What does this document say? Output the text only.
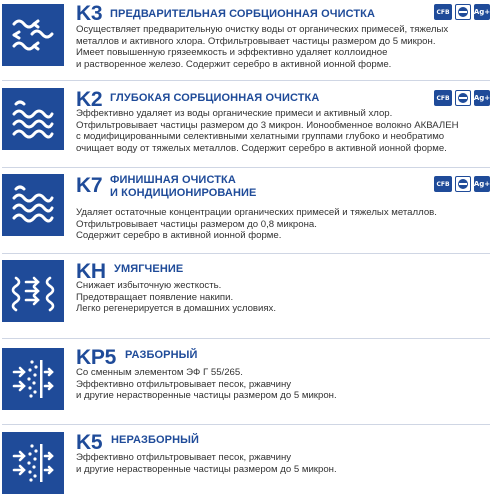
K3 ПРЕДВАРИТЕЛЬНАЯ СОРБЦИОННАЯ ОЧИСТКА	CFB	Ag+
Осуществляет предварительную очистку воды от органических примесей, тяжелых
металлов и активного хлора. Отфильтровывает частицы размером до 5 микрон.
Имеет повышенную грязеемкость и эффективно удаляет коллоидное
и растворенное железо. Содержит серебро в активной ионной форме.
K2 ГЛУБОКАЯ СОРБЦИОННАЯ ОЧИСТКА	CFB	Ag+
Эффективно удаляет из воды органические примеси и активный хлор.
Отфильтровывает частицы размером до 3 микрон. Ионообменное волокно АКВАЛЕН
с модифицированными селективными хелатными группами глубоко и необратимо
очищает воду от тяжелых металлов. Содержит серебро в активной ионной форме.
K7 ФИНИШНАЯ ОЧИСТКА
И КОНДИЦИОНИРОВАНИЕ
CFB	Ag+
Удаляет остаточные концентрации органических примесей и тяжелых металлов.
Отфильтровывает частицы размером до 0,8 микрона.
Содержит серебро в активной ионной форме.
KH УМЯГЧЕНИЕ
Снижает избыточную жесткость.
Предотвращает появление накипи.
Легко регенерируется в домашних условиях.
KP5 РАЗБОРНЫЙ
Со сменным элементом ЭФ Г 55/265.
Эффективно отфильтровывает песок, ржавчину
и другие нерастворенные частицы размером до 5 микрон.
K5 НЕРАЗБОРНЫЙ
Эффективно отфильтровывает песок, ржавчину
и другие нерастворенные частицы размером до 5 микрон.
